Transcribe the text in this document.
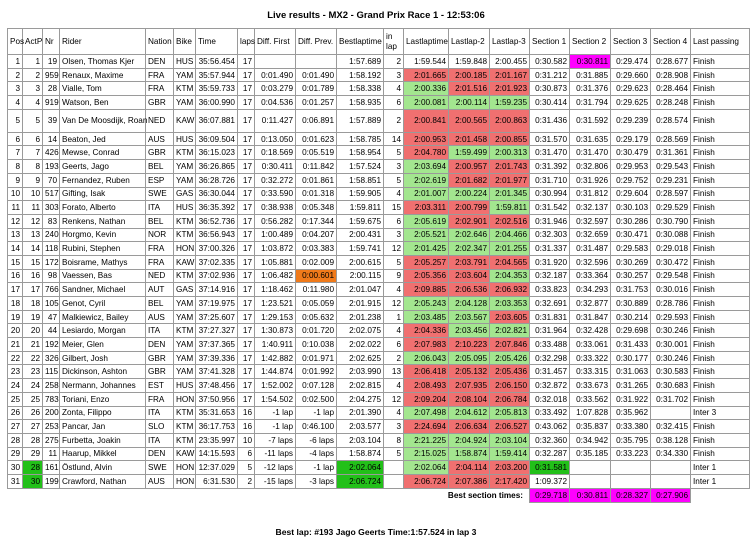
Live results - MX2 - Grand Prix Race 1 - 12:53:06
Pos	ActP	Nr	Rider	Nation	Bike	Time	laps	Diff. First	Diff. Prev.	Bestlaptime	in lap	Lastlaptime	Lastlap-2	Lastlap-3	Section 1	Section 2	Section 3	Section 4	Last passing
1	1	19	Olsen, Thomas Kjer	DEN	HUS	35:56.454	17			1:57.689	2	1:59.544	1:59.848	2:00.455	0:30.582	0:30.811	0:29.474	0:28.677	Finish
2	2	959	Renaux, Maxime	FRA	YAM	35:57.944	17	0:01.490	0:01.490	1:58.192	3	2:01.665	2:00.185	2:01.167	0:31.212	0:31.885	0:29.660	0:28.908	Finish
3	3	28	Vialle, Tom	FRA	KTM	35:59.733	17	0:03.279	0:01.789	1:58.338	4	2:00.336	2:01.516	2:01.923	0:30.873	0:31.376	0:29.623	0:28.464	Finish
4	4	919	Watson, Ben	GBR	YAM	36:00.990	17	0:04.536	0:01.257	1:58.935	6	2:00.081	2:00.114	1:59.235	0:30.414	0:31.794	0:29.625	0:28.248	Finish
5	5	39	Van De Moosdijk, Roan	NED	KAW	36:07.881	17	0:11.427	0:06.891	1:57.889	2	2:00.841	2:00.565	2:00.863	0:31.436	0:31.592	0:29.239	0:28.574	Finish
6	6	14	Beaton, Jed	AUS	HUS	36:09.504	17	0:13.050	0:01.623	1:58.785	14	2:00.953	2:01.458	2:00.855	0:31.570	0:31.635	0:29.179	0:28.569	Finish
7	7	426	Mewse, Conrad	GBR	KTM	36:15.023	17	0:18.569	0:05.519	1:58.954	5	2:04.780	1:59.499	2:00.313	0:31.470	0:31.470	0:30.479	0:31.361	Finish
8	8	193	Geerts, Jago	BEL	YAM	36:26.865	17	0:30.411	0:11.842	1:57.524	3	2:03.694	2:00.957	2:01.743	0:31.392	0:32.806	0:29.953	0:29.543	Finish
9	9	70	Fernandez, Ruben	ESP	YAM	36:28.726	17	0:32.272	0:01.861	1:58.851	5	2:02.619	2:01.682	2:01.977	0:31.710	0:31.926	0:29.752	0:29.231	Finish
10	10	517	Gifting, Isak	SWE	GAS	36:30.044	17	0:33.590	0:01.318	1:59.905	4	2:01.007	2:00.224	2:01.345	0:30.994	0:31.812	0:29.604	0:28.597	Finish
11	11	303	Forato, Alberto	ITA	HUS	36:35.392	17	0:38.938	0:05.348	1:59.811	15	2:03.311	2:00.799	1:59.811	0:31.542	0:32.137	0:30.103	0:29.529	Finish
12	12	83	Renkens, Nathan	BEL	KTM	36:52.736	17	0:56.282	0:17.344	1:59.675	6	2:05.619	2:02.901	2:02.516	0:31.946	0:32.597	0:30.286	0:30.790	Finish
13	13	240	Horgmo, Kevin	NOR	KTM	36:56.943	17	1:00.489	0:04.207	2:00.431	3	2:05.521	2:02.646	2:04.466	0:32.303	0:32.659	0:30.471	0:30.088	Finish
14	14	118	Rubini, Stephen	FRA	HON	37:00.326	17	1:03.872	0:03.383	1:59.741	12	2:01.425	2:02.347	2:01.255	0:31.337	0:31.487	0:29.583	0:29.018	Finish
15	15	172	Boisrame, Mathys	FRA	KAW	37:02.335	17	1:05.881	0:02.009	2:00.615	5	2:05.257	2:03.791	2:04.565	0:31.920	0:32.596	0:30.269	0:30.472	Finish
16	16	98	Vaessen, Bas	NED	KTM	37:02.936	17	1:06.482	0:00.601	2:00.115	9	2:05.356	2:03.604	2:04.353	0:32.187	0:33.364	0:30.257	0:29.548	Finish
17	17	766	Sandner, Michael	AUT	GAS	37:14.916	17	1:18.462	0:11.980	2:01.047	4	2:09.885	2:06.536	2:06.932	0:33.823	0:34.293	0:31.753	0:30.016	Finish
18	18	105	Genot, Cyril	BEL	YAM	37:19.975	17	1:23.521	0:05.059	2:01.915	12	2:05.243	2:04.128	2:03.353	0:32.691	0:32.877	0:30.889	0:28.786	Finish
19	19	47	Malkiewicz, Bailey	AUS	YAM	37:25.607	17	1:29.153	0:05.632	2:01.238	1	2:03.485	2:03.567	2:03.605	0:31.831	0:31.847	0:30.214	0:29.593	Finish
20	20	44	Lesiardo, Morgan	ITA	KTM	37:27.327	17	1:30.873	0:01.720	2:02.075	4	2:04.336	2:03.456	2:02.821	0:31.964	0:32.428	0:29.698	0:30.246	Finish
21	21	192	Meier, Glen	DEN	YAM	37:37.365	17	1:40.911	0:10.038	2:02.022	6	2:07.983	2:10.223	2:07.846	0:33.488	0:33.061	0:31.433	0:30.001	Finish
22	22	326	Gilbert, Josh	GBR	YAM	37:39.336	17	1:42.882	0:01.971	2:02.625	2	2:06.043	2:05.095	2:05.426	0:32.298	0:33.322	0:30.177	0:30.246	Finish
23	23	115	Dickinson, Ashton	GBR	YAM	37:41.328	17	1:44.874	0:01.992	2:03.990	13	2:06.418	2:05.132	2:05.436	0:31.457	0:33.315	0:31.063	0:30.583	Finish
24	24	258	Nermann, Johannes	EST	HUS	37:48.456	17	1:52.002	0:07.128	2:02.815	4	2:08.493	2:07.935	2:06.150	0:32.872	0:33.673	0:31.265	0:30.683	Finish
25	25	783	Toriani, Enzo	FRA	HON	37:50.956	17	1:54.502	0:02.500	2:04.275	12	2:09.204	2:08.104	2:06.784	0:32.018	0:33.562	0:31.922	0:31.702	Finish
26	26	200	Zonta, Filippo	ITA	KTM	35:31.653	16	-1 lap	-1 lap	2:01.390	4	2:07.498	2:04.612	2:05.813	0:33.492	1:07.828	0:35.962		Inter 3
27	27	253	Pancar, Jan	SLO	KTM	36:17.753	16	-1 lap	0:46.100	2:03.577	3	2:24.694	2:06.634	2:06.527	0:43.062	0:35.837	0:33.380	0:32.415	Finish
28	28	275	Furbetta, Joakin	ITA	KTM	23:35.997	10	-7 laps	-6 laps	2:03.104	8	2:21.225	2:04.924	2:03.104	0:32.360	0:34.942	0:35.795	0:38.128	Finish
29	29	11	Haarup, Mikkel	DEN	KAW	14:15.593	6	-11 laps	-4 laps	1:58.874	5	2:15.025	1:58.874	1:59.414	0:32.287	0:35.185	0:33.223	0:34.330	Finish
30	28	161	Östlund, Alvin	SWE	HON	12:37.029	5	-12 laps	-1 lap	2:02.064		2:02.064	2:04.114	2:03.200	0:31.581				Inter 1
31	30	199	Crawford, Nathan	AUS	HON	6:31.530	2	-15 laps	-3 laps	2:06.724		2:06.724	2:07.386	2:17.420	1:09.372				Inter 1
Best section times:															0:29.718	0:30.811	0:28.327	0:27.906	
Best lap: #193 Jago Geerts Time:1:57.524 in lap 3
